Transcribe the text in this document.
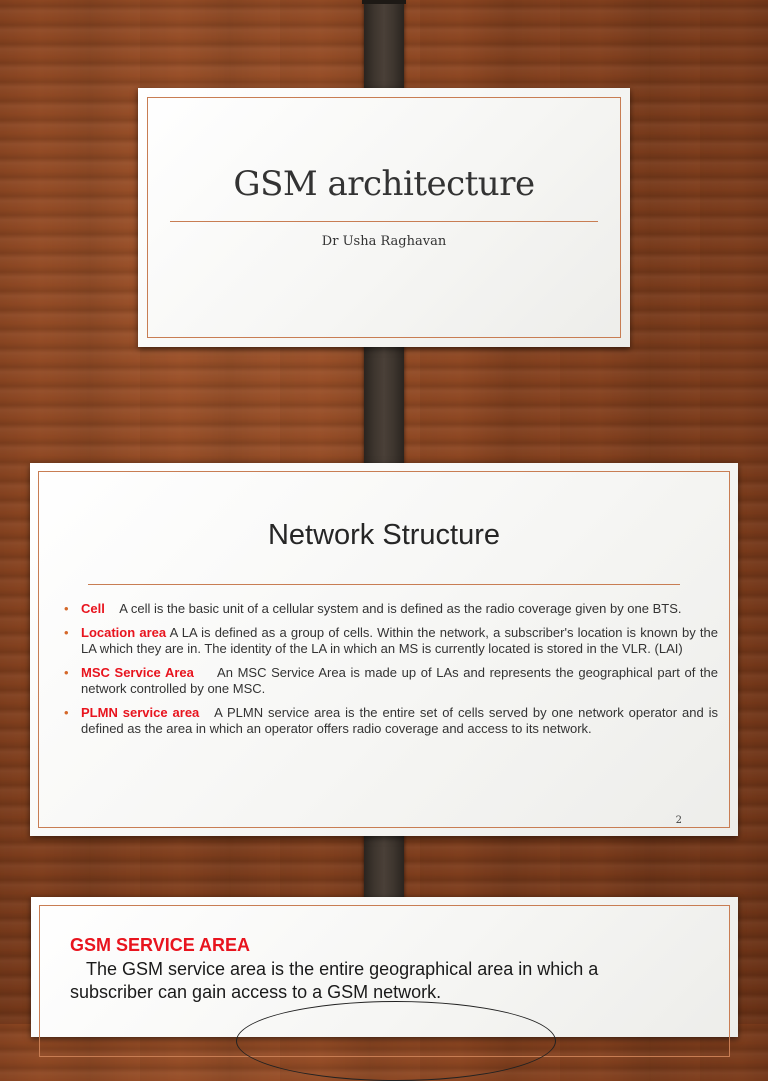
GSM architecture
Dr Usha Raghavan
Network Structure
• Cell A cell is the basic unit of a cellular system and is defined as the radio coverage given by one BTS.
• Location area A LA is defined as a group of cells. Within the network, a subscriber's location is known by the LA which they are in. The identity of the LA in which an MS is currently located is stored in the VLR. (LAI)
• MSC Service Area An MSC Service Area is made up of LAs and represents the geographical part of the network controlled by one MSC.
• PLMN service area A PLMN service area is the entire set of cells served by one network operator and is defined as the area in which an operator offers radio coverage and access to its network.
2
GSM SERVICE AREA
The GSM service area is the entire geographical area in which a subscriber can gain access to a GSM network.
